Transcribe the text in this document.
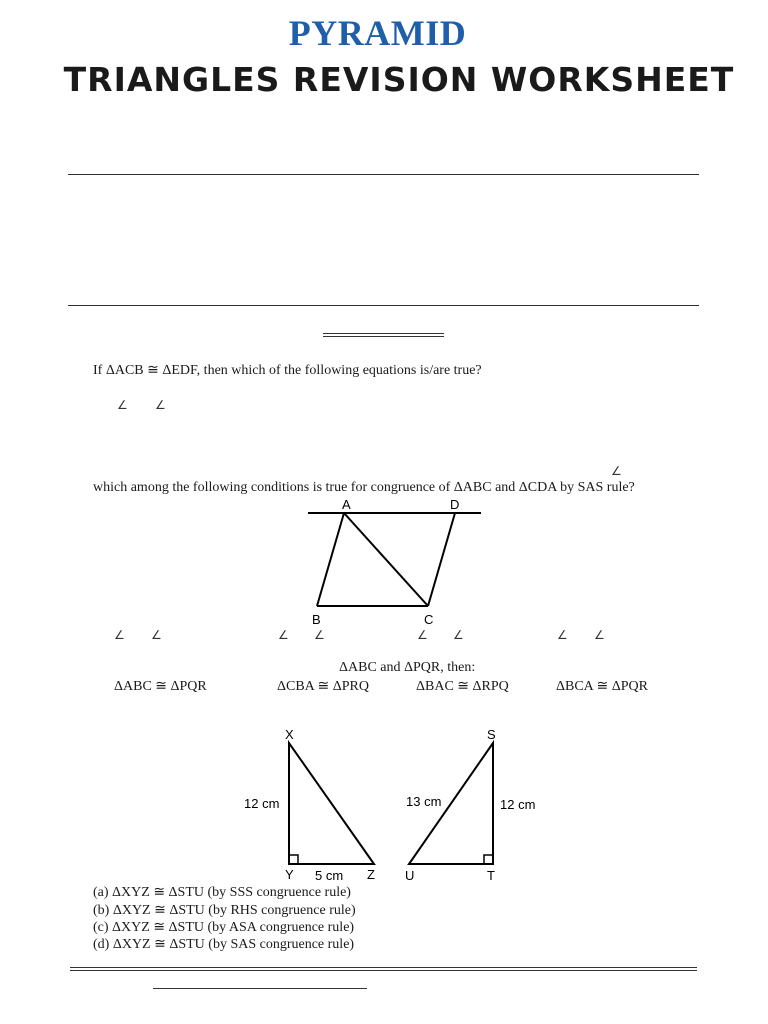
PYRAMID
TRIANGLES REVISION WORKSHEET
If ΔACB ≅ ΔEDF, then which of the following equations is/are true?
∠ ∠
∠
which among the following conditions is true for congruence of ΔABC and ΔCDA by SAS rule?
A	D
B	C
∠ ∠	∠ ∠	∠ ∠	∠ ∠
ΔABC and ΔPQR, then:
ΔABC ≅ ΔPQR	ΔCBA ≅ ΔPRQ	ΔBAC ≅ ΔRPQ	ΔBCA ≅ ΔPQR
X
Y	Z
12 cm
5 cm
S
U	T
13 cm	12 cm
(a) ΔXYZ ≅ ΔSTU (by SSS congruence rule)
(b) ΔXYZ ≅ ΔSTU (by RHS congruence rule)
(c) ΔXYZ ≅ ΔSTU (by ASA congruence rule)
(d) ΔXYZ ≅ ΔSTU (by SAS congruence rule)
